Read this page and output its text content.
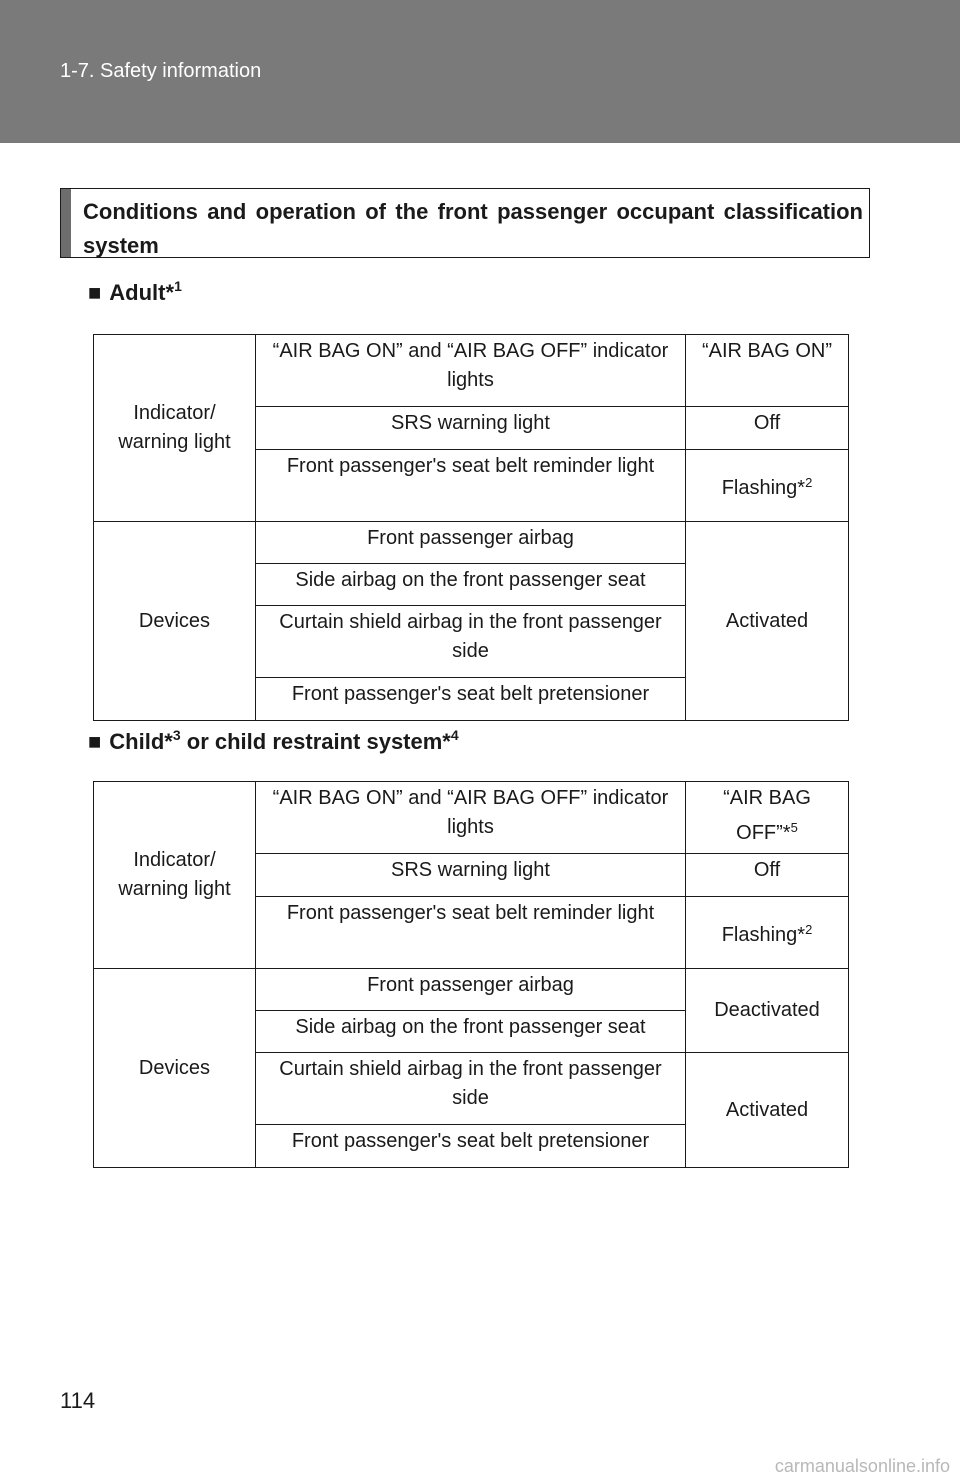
1-7. Safety information
Conditions and operation of the front passenger occupant classification system
■ Adult*$^1$
Indicator/ warning light	“AIR BAG ON” and “AIR BAG OFF” indicator lights	“AIR BAG ON”
	SRS warning light	Off
	Front passenger's seat belt reminder light	Flashing*$^2$
Devices	Front passenger airbag	Activated
	Side airbag on the front passenger seat	
	Curtain shield airbag in the front passenger side	
	Front passenger's seat belt pretensioner	
■ Child*$^3$ or child restraint system*$^4$
Indicator/ warning light	“AIR BAG ON” and “AIR BAG OFF” indicator lights	“AIR BAG OFF”*$^5$
	SRS warning light	Off
	Front passenger's seat belt reminder light	Flashing*$^2$
Devices	Front passenger airbag	Deactivated
	Side airbag on the front passenger seat	
	Curtain shield airbag in the front passenger side	Activated
	Front passenger's seat belt pretensioner	
114
carmanualsonline.info
